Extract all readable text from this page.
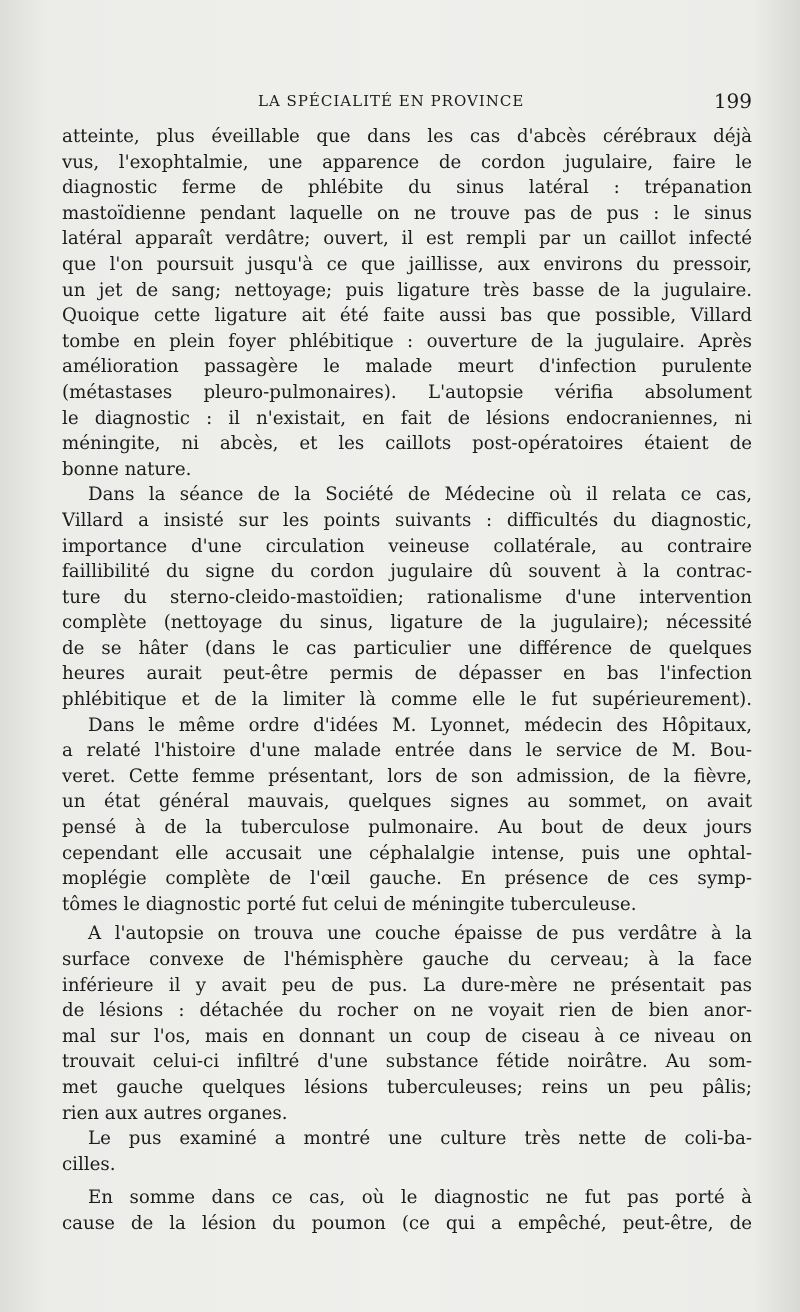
LA SPÉCIALITÉ EN PROVINCE	199
atteinte, plus éveillable que dans les cas d'abcès cérébraux déjà
vus, l'exophtalmie, une apparence de cordon jugulaire, faire le
diagnostic ferme de phlébite du sinus latéral : trépanation
mastoïdienne pendant laquelle on ne trouve pas de pus : le sinus
latéral apparaît verdâtre; ouvert, il est rempli par un caillot infecté
que l'on poursuit jusqu'à ce que jaillisse, aux environs du pressoir,
un jet de sang; nettoyage; puis ligature très basse de la jugulaire.
Quoique cette ligature ait été faite aussi bas que possible, Villard
tombe en plein foyer phlébitique : ouverture de la jugulaire. Après
amélioration passagère le malade meurt d'infection purulente
(métastases pleuro-pulmonaires). L'autopsie vérifia absolument
le diagnostic : il n'existait, en fait de lésions endocraniennes, ni
méningite, ni abcès, et les caillots post-opératoires étaient de
bonne nature.
Dans la séance de la Société de Médecine où il relata ce cas,
Villard a insisté sur les points suivants : difficultés du diagnostic,
importance d'une circulation veineuse collatérale, au contraire
faillibilité du signe du cordon jugulaire dû souvent à la contrac-
ture du sterno-cleido-mastoïdien; rationalisme d'une intervention
complète (nettoyage du sinus, ligature de la jugulaire); nécessité
de se hâter (dans le cas particulier une différence de quelques
heures aurait peut-être permis de dépasser en bas l'infection
phlébitique et de la limiter là comme elle le fut supérieurement).
Dans le même ordre d'idées M. Lyonnet, médecin des Hôpitaux,
a relaté l'histoire d'une malade entrée dans le service de M. Bou-
veret. Cette femme présentant, lors de son admission, de la fièvre,
un état général mauvais, quelques signes au sommet, on avait
pensé à de la tuberculose pulmonaire. Au bout de deux jours
cependant elle accusait une céphalalgie intense, puis une ophtal-
moplégie complète de l'œil gauche. En présence de ces symp-
tômes le diagnostic porté fut celui de méningite tuberculeuse.
A l'autopsie on trouva une couche épaisse de pus verdâtre à la
surface convexe de l'hémisphère gauche du cerveau; à la face
inférieure il y avait peu de pus. La dure-mère ne présentait pas
de lésions : détachée du rocher on ne voyait rien de bien anor-
mal sur l'os, mais en donnant un coup de ciseau à ce niveau on
trouvait celui-ci infiltré d'une substance fétide noirâtre. Au som-
met gauche quelques lésions tuberculeuses; reins un peu pâlis;
rien aux autres organes.
Le pus examiné a montré une culture très nette de coli-ba-
cilles.
En somme dans ce cas, où le diagnostic ne fut pas porté à
cause de la lésion du poumon (ce qui a empêché, peut-être, de
